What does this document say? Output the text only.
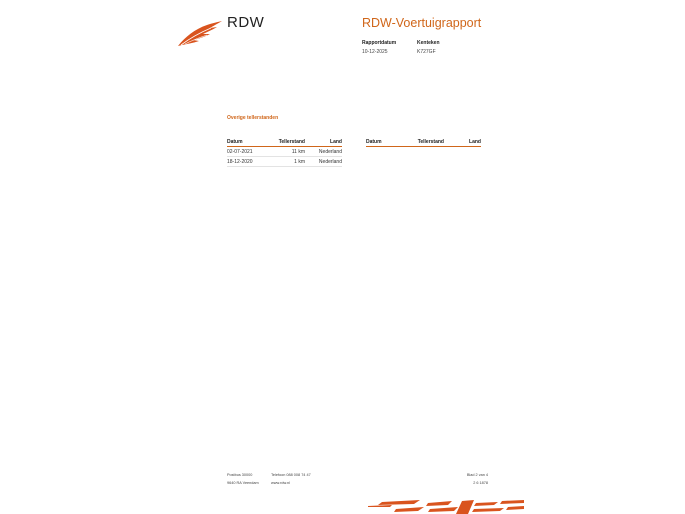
RDW	RDW-Voertuigrapport
Rapportdatum
10-12-2025
Kenteken
K727GF
Overige tellerstanden
Datum	Tellerstand	Land
02-07-2021	11 km	Nederland
18-12-2020	1 km	Nederland
Datum	Tellerstand	Land
Postbus 30000
9640 RA Veendam
Telefoon 088 008 74 47
www.rdw.nl
Blad 2 van 4
2 6 1878
